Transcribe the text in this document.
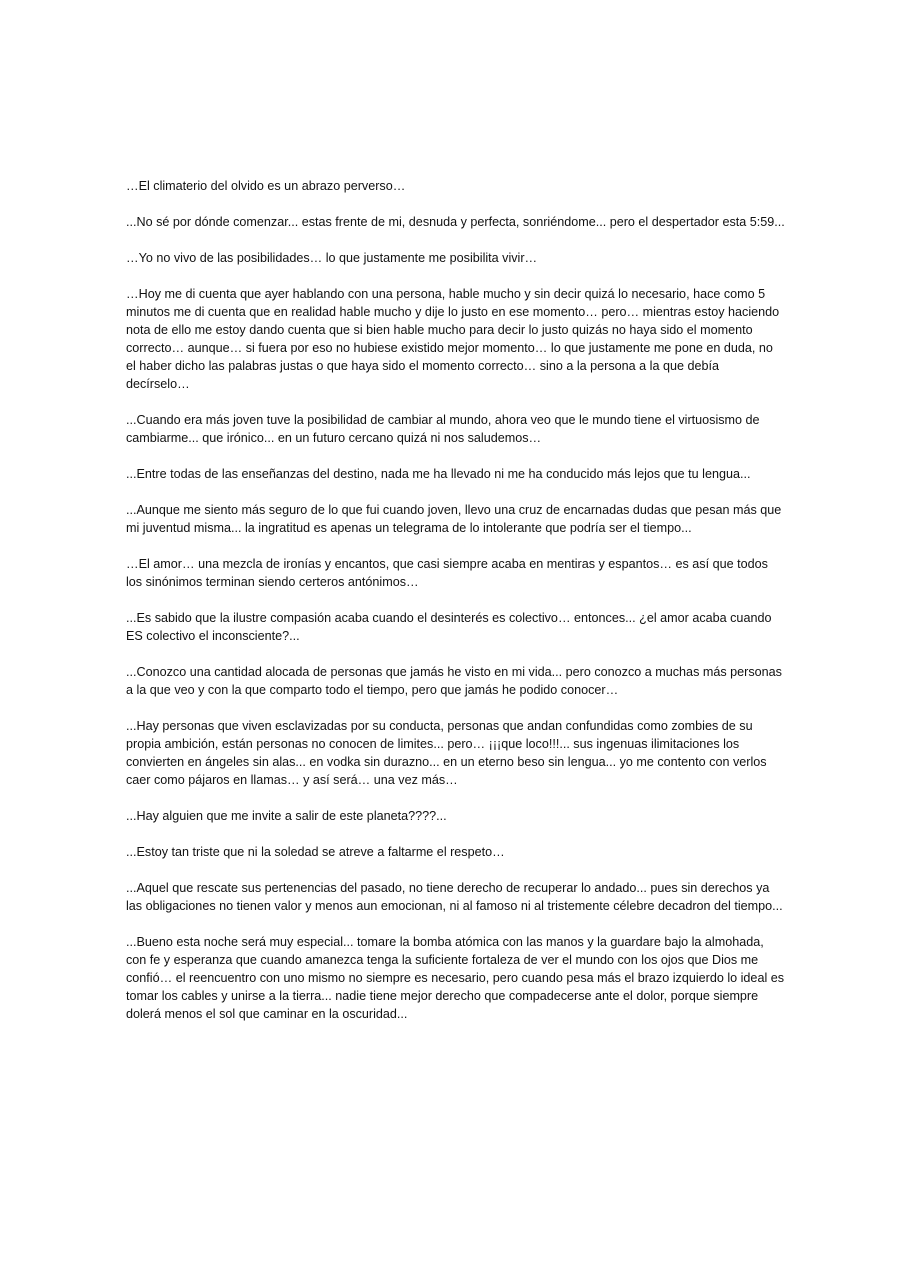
…El climaterio del olvido es un abrazo perverso…

...No sé por dónde comenzar... estas frente de mi, desnuda y perfecta, sonriéndome... pero el despertador esta 5:59...

…Yo no vivo de las posibilidades… lo que justamente me posibilita vivir…

…Hoy me di cuenta que ayer hablando con una persona, hable mucho y sin decir quizá lo necesario, hace como 5 minutos me di cuenta que en realidad hable mucho y dije lo justo en ese momento… pero… mientras estoy haciendo nota de ello me estoy dando cuenta que si bien hable mucho para decir lo justo quizás no haya sido el momento correcto… aunque… si fuera por eso no hubiese existido mejor momento… lo que justamente me pone en duda, no el haber dicho las palabras justas o que haya sido el momento correcto… sino a la persona a la que debía decírselo…

...Cuando era más joven tuve la posibilidad de cambiar al mundo, ahora veo que le mundo tiene el virtuosismo de cambiarme... que irónico... en un futuro cercano quizá ni nos saludemos…

...Entre todas de las enseñanzas del destino, nada me ha llevado ni me ha conducido más lejos que tu lengua...

...Aunque me siento más seguro de lo que fui cuando joven, llevo una cruz de encarnadas dudas que pesan más que mi juventud misma... la ingratitud es apenas un telegrama de lo intolerante que podría ser el tiempo...

…El amor… una mezcla de ironías y encantos, que casi siempre acaba en mentiras y espantos… es así que todos los sinónimos terminan siendo certeros antónimos…

...Es sabido que la ilustre compasión acaba cuando el desinterés es colectivo… entonces... ¿el amor acaba cuando ES colectivo el inconsciente?...

...Conozco una cantidad alocada de personas que jamás he visto en mi vida... pero conozco a muchas más personas a la que veo y con la que comparto todo el tiempo, pero que jamás he podido conocer…

...Hay personas que viven esclavizadas por su conducta, personas que andan confundidas como zombies de su propia ambición, están personas no conocen de limites... pero… ¡¡¡que loco!!!... sus ingenuas ilimitaciones los convierten en ángeles sin alas... en vodka sin durazno... en un eterno beso sin lengua... yo me contento con verlos caer como pájaros en llamas… y así será… una vez más…

...Hay alguien que me invite a salir de este planeta????...

...Estoy tan triste que ni la soledad se atreve a faltarme el respeto…

...Aquel que rescate sus pertenencias del pasado, no tiene derecho de recuperar lo andado... pues sin derechos ya las obligaciones no tienen valor y menos aun emocionan, ni al famoso ni al tristemente célebre decadron del tiempo...

...Bueno esta noche será muy especial... tomare la bomba atómica con las manos y la guardare bajo la almohada, con fe y esperanza que cuando amanezca tenga la suficiente fortaleza de ver el mundo con los ojos que Dios me confió… el reencuentro con uno mismo no siempre es necesario, pero cuando pesa más el brazo izquierdo lo ideal es tomar los cables y unirse a la tierra... nadie tiene mejor derecho que compadecerse ante el dolor, porque siempre dolerá menos el sol que caminar en la oscuridad...
